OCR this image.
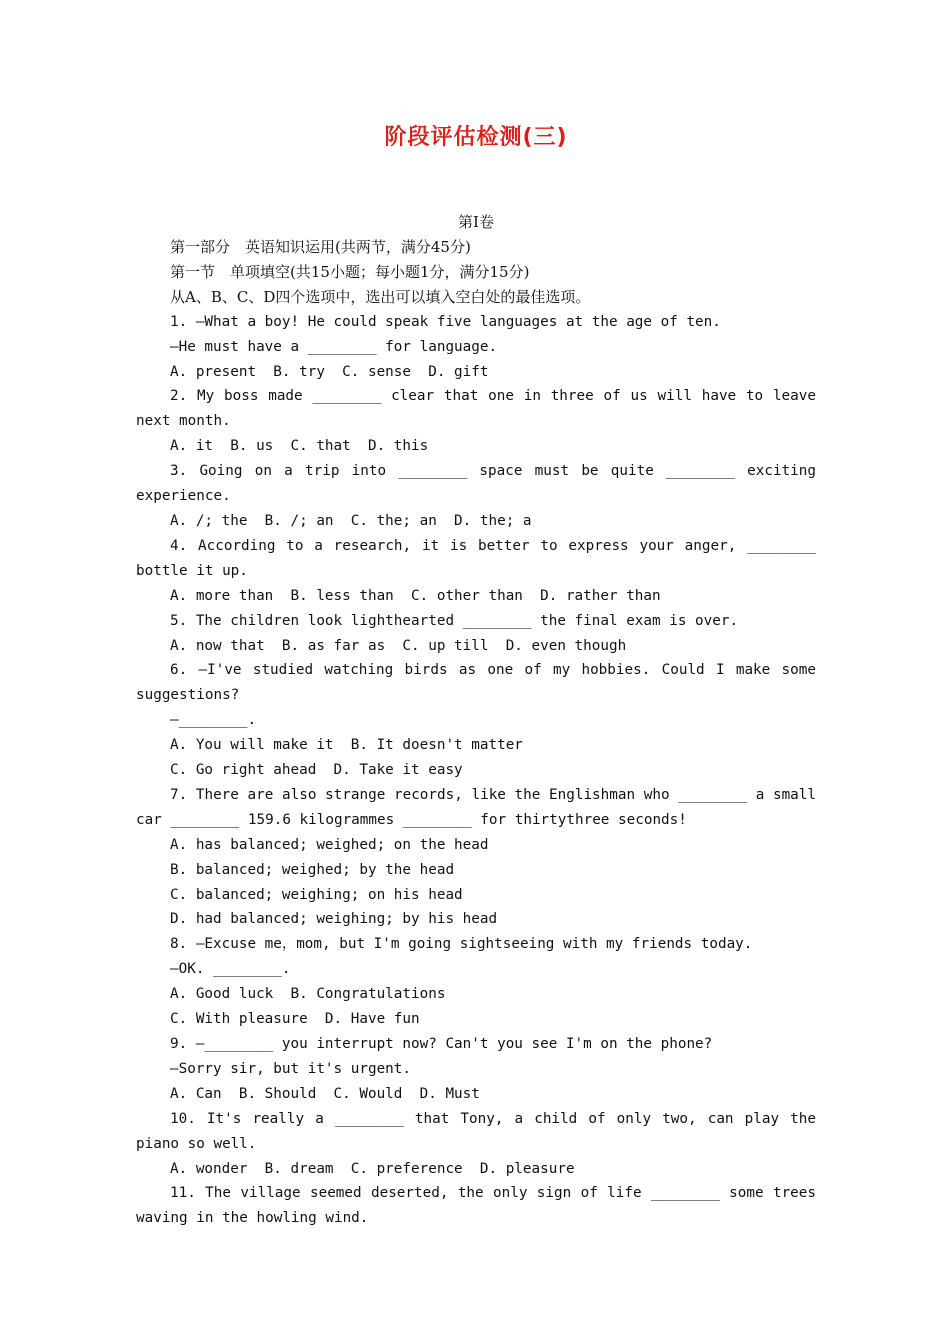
阶段评估检测(三)
第Ⅰ卷

第一部分　英语知识运用(共两节，满分45分)

第一节　单项填空(共15小题；每小题1分，满分15分)

从A、B、C、D四个选项中，选出可以填入空白处的最佳选项。

1. —What a boy! He could speak five languages at the age of ten.

—He must have a ________ for language.

A. present  B. try  C. sense  D. gift

2. My boss made ________ clear that one in three of us will have to leave next month.

A. it  B. us  C. that  D. this

3. Going on a trip into ________ space must be quite ________ exciting experience.

A. /; the  B. /; an  C. the; an  D. the; a

4. According to a research, it is better to express your anger, ________ bottle it up.

A. more than  B. less than  C. other than  D. rather than

5. The children look lighthearted ________ the final exam is over.

A. now that  B. as far as  C. up till  D. even though

6. —I've studied watching birds as one of my hobbies. Could I make some suggestions?

—________.

A. You will make it  B. It doesn't matter

C. Go right ahead  D. Take it easy

7. There are also strange records, like the Englishman who ________ a small car ________ 159.6 kilogrammes ________ for thirtythree seconds!

A. has balanced; weighed; on the head

B. balanced; weighed; by the head

C. balanced; weighing; on his head

D. had balanced; weighing; by his head

8. —Excuse me，mom, but I'm going sightseeing with my friends today.

—OK. ________.

A. Good luck  B. Congratulations

C. With pleasure  D. Have fun

9. —________ you interrupt now? Can't you see I'm on the phone?

—Sorry sir, but it's urgent.

A. Can  B. Should  C. Would  D. Must

10. It's really a ________ that Tony, a child of only two, can play the piano so well.

A. wonder  B. dream  C. preference  D. pleasure

11. The village seemed deserted, the only sign of life ________ some trees waving in the howling wind.
